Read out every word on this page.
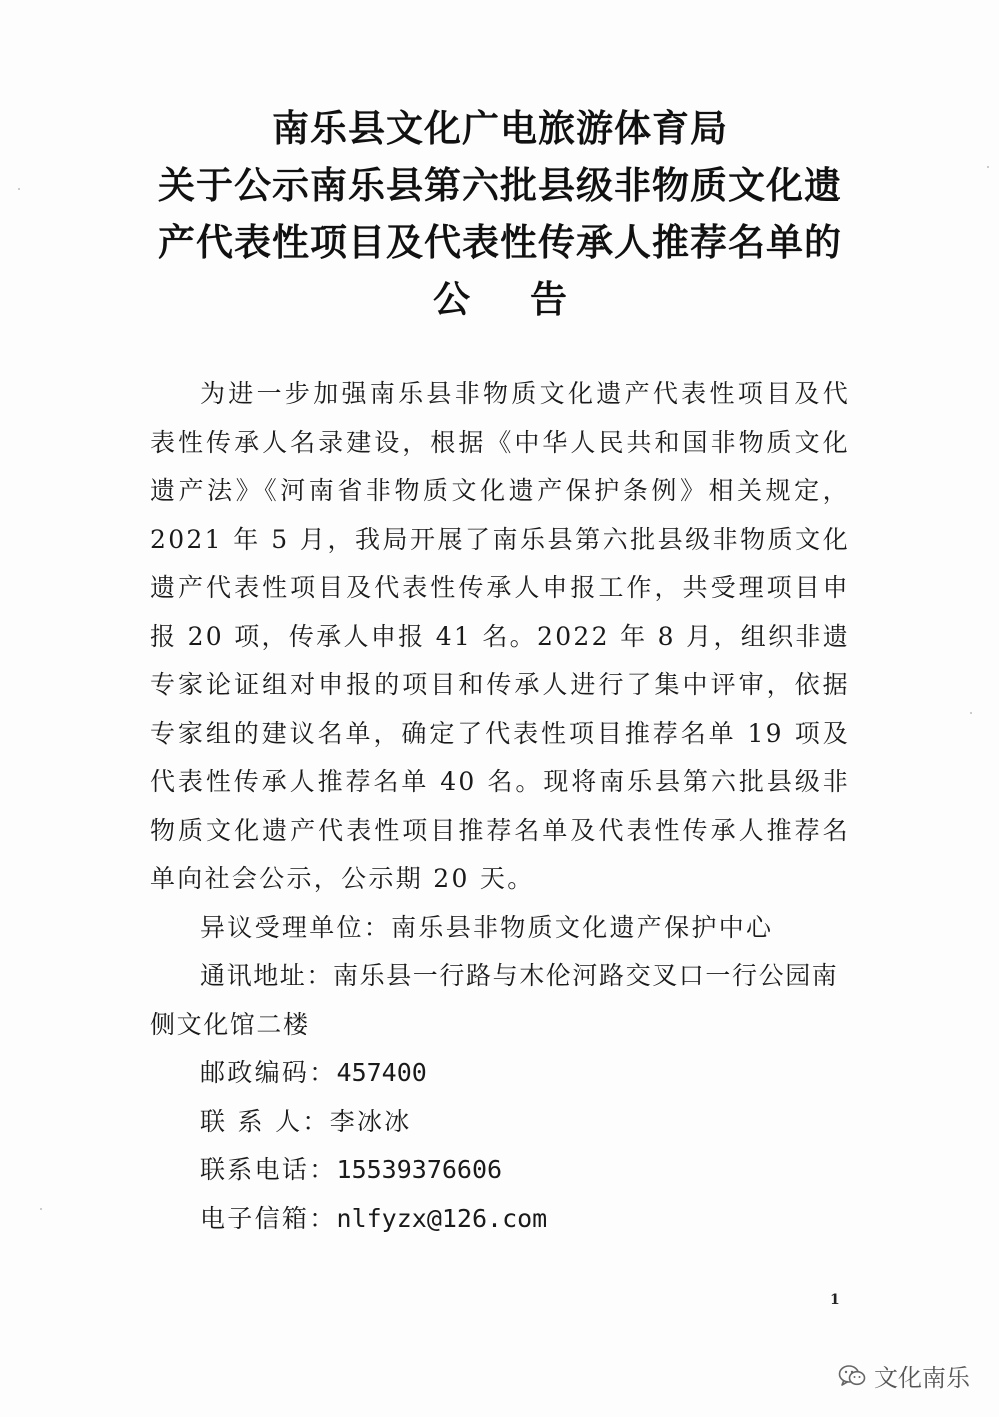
南乐县文化广电旅游体育局
关于公示南乐县第六批县级非物质文化遗
产代表性项目及代表性传承人推荐名单的
公告

为进一步加强南乐县非物质文化遗产代表性项目及代表性传承人名录建设，根据《中华人民共和国非物质文化遗产法》《河南省非物质文化遗产保护条例》相关规定，2021 年 5 月，我局开展了南乐县第六批县级非物质文化遗产代表性项目及代表性传承人申报工作，共受理项目申报 20 项，传承人申报 41 名。2022 年 8 月，组织非遗专家论证组对申报的项目和传承人进行了集中评审，依据专家组的建议名单，确定了代表性项目推荐名单 19 项及代表性传承人推荐名单 40 名。现将南乐县第六批县级非物质文化遗产代表性项目推荐名单及代表性传承人推荐名单向社会公示，公示期 20 天。

异议受理单位：南乐县非物质文化遗产保护中心

通讯地址：南乐县一行路与木伦河路交叉口一行公园南侧文化馆二楼

邮政编码：457400

联 系 人：李冰冰

联系电话：15539376606

电子信箱：nlfyzx@126.com

1
文化南乐
